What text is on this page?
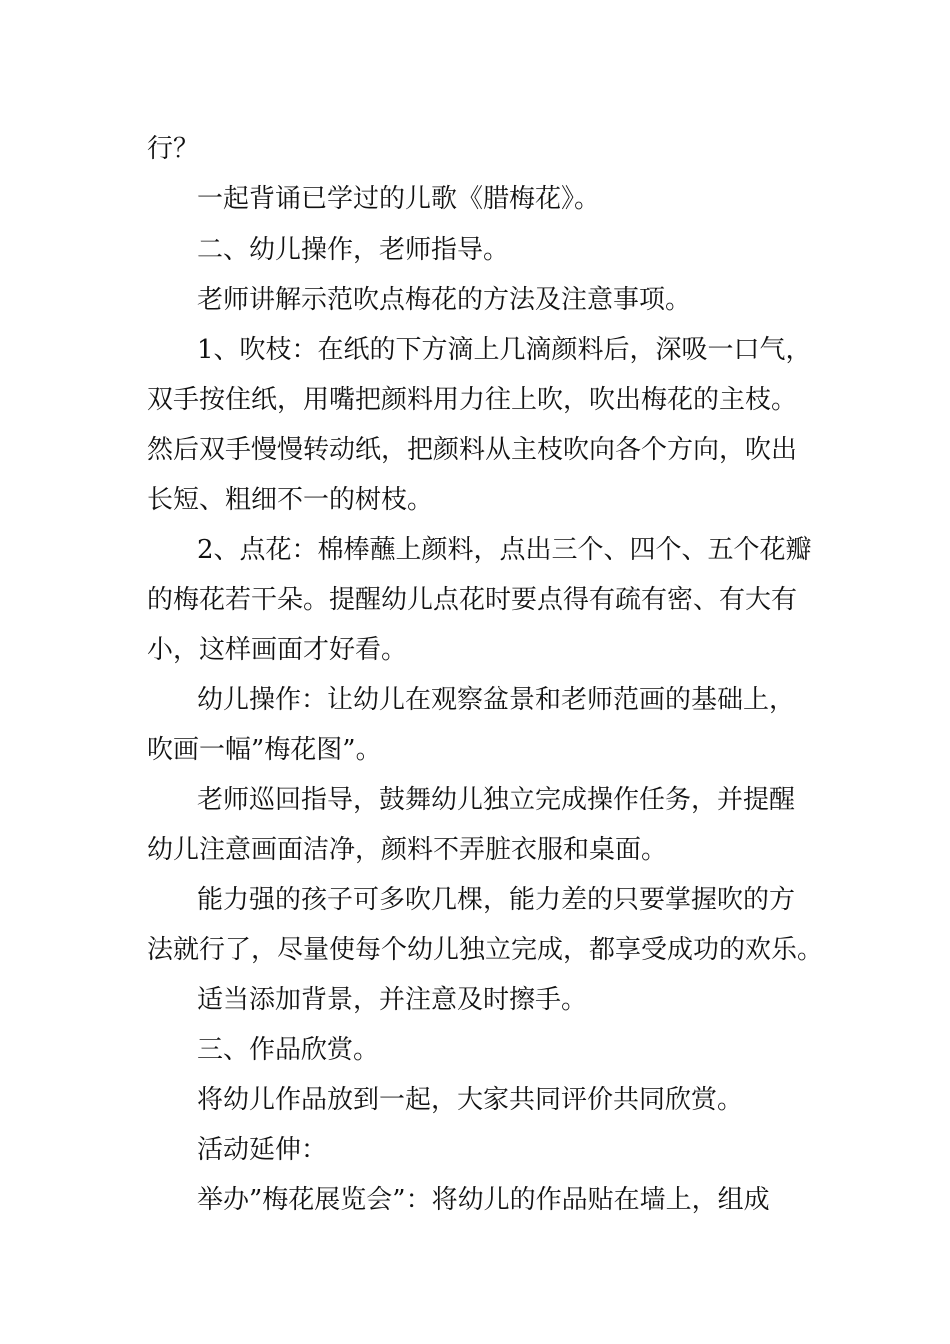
行？
一起背诵已学过的儿歌《腊梅花》。
二、幼儿操作，老师指导。
老师讲解示范吹点梅花的方法及注意事项。
1、吹枝：在纸的下方滴上几滴颜料后，深吸一口气，
双手按住纸，用嘴把颜料用力往上吹，吹出梅花的主枝。
然后双手慢慢转动纸，把颜料从主枝吹向各个方向，吹出
长短、粗细不一的树枝。
2、点花：棉棒蘸上颜料，点出三个、四个、五个花瓣
的梅花若干朵。提醒幼儿点花时要点得有疏有密、有大有
小，这样画面才好看。
幼儿操作：让幼儿在观察盆景和老师范画的基础上，
吹画一幅”梅花图”。
老师巡回指导，鼓舞幼儿独立完成操作任务，并提醒
幼儿注意画面洁净，颜料不弄脏衣服和桌面。
能力强的孩子可多吹几棵，能力差的只要掌握吹的方
法就行了，尽量使每个幼儿独立完成，都享受成功的欢乐。
适当添加背景，并注意及时擦手。
三、作品欣赏。
将幼儿作品放到一起，大家共同评价共同欣赏。
活动延伸：
举办”梅花展览会”：将幼儿的作品贴在墙上，组成
